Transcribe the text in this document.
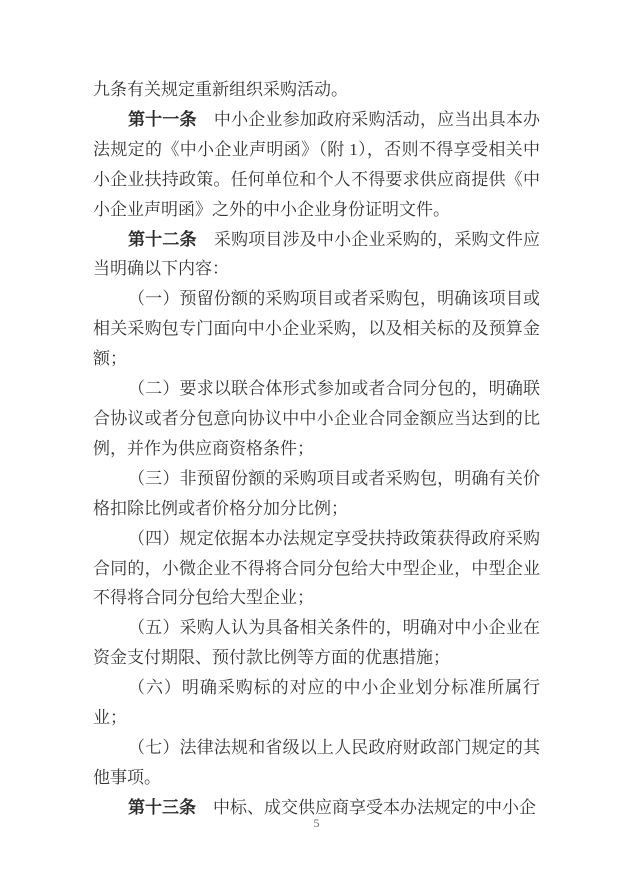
九条有关规定重新组织采购活动。

第十一条　 中小企业参加政府采购活动，应当出具本办法规定的《中小企业声明函》（附 1），否则不得享受相关中小企业扶持政策。任何单位和个人不得要求供应商提供《中小企业声明函》之外的中小企业身份证明文件。

第十二条　 采购项目涉及中小企业采购的，采购文件应当明确以下内容：

（一）预留份额的采购项目或者采购包，明确该项目或相关采购包专门面向中小企业采购，以及相关标的及预算金额；

（二）要求以联合体形式参加或者合同分包的，明确联合协议或者分包意向协议中中小企业合同金额应当达到的比例，并作为供应商资格条件；

（三）非预留份额的采购项目或者采购包，明确有关价格扣除比例或者价格分加分比例；

（四）规定依据本办法规定享受扶持政策获得政府采购合同的，小微企业不得将合同分包给大中型企业，中型企业不得将合同分包给大型企业；

（五）采购人认为具备相关条件的，明确对中小企业在资金支付期限、预付款比例等方面的优惠措施；

（六）明确采购标的对应的中小企业划分标准所属行业；

（七）法律法规和省级以上人民政府财政部门规定的其他事项。

第十三条　 中标、成交供应商享受本办法规定的中小企

5
